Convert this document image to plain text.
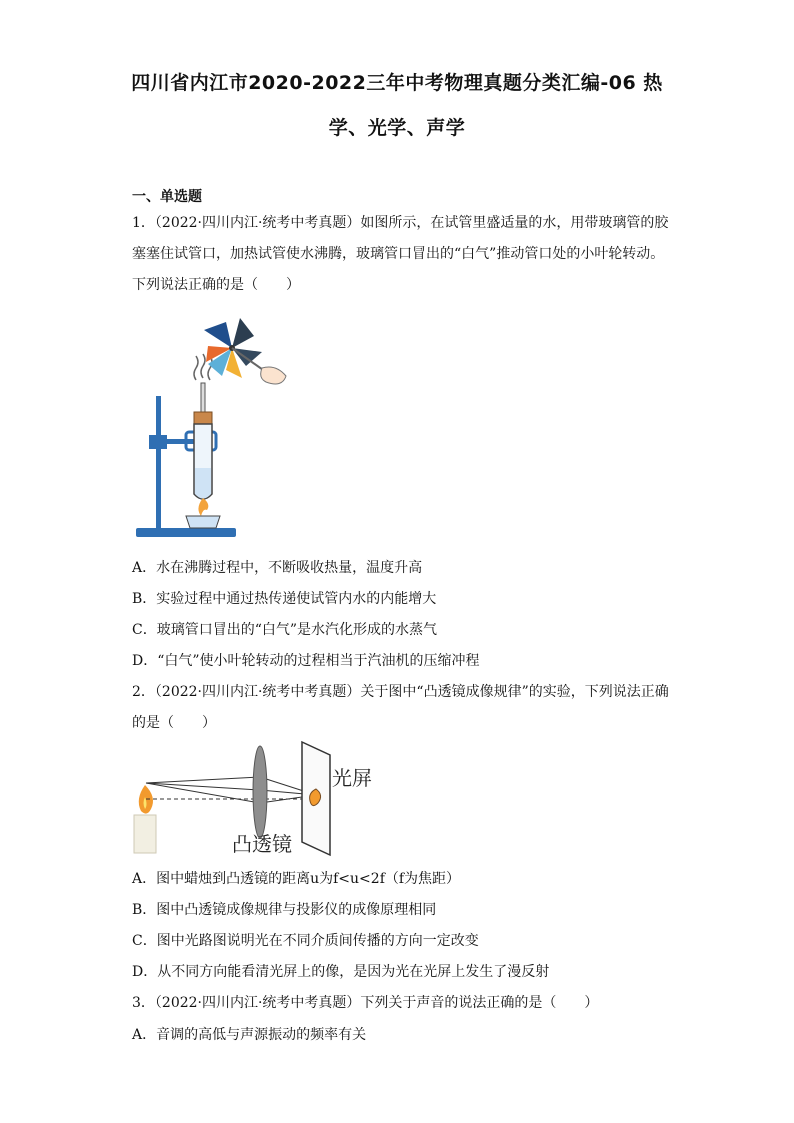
四川省内江市2020-2022三年中考物理真题分类汇编-06 热
学、光学、声学
一、单选题
1．（2022·四川内江·统考中考真题）如图所示，在试管里盛适量的水，用带玻璃管的胶
塞塞住试管口，加热试管使水沸腾，玻璃管口冒出的“白气”推动管口处的小叶轮转动。
下列说法正确的是（　　）
A．水在沸腾过程中，不断吸收热量，温度升高
B．实验过程中通过热传递使试管内水的内能增大
C．玻璃管口冒出的“白气”是水汽化形成的水蒸气
D．“白气”使小叶轮转动的过程相当于汽油机的压缩冲程
2．（2022·四川内江·统考中考真题）关于图中“凸透镜成像规律”的实验，下列说法正确
的是（　　）
光屏
凸透镜
A．图中蜡烛到凸透镜的距离u为f<u<2f（f为焦距）
B．图中凸透镜成像规律与投影仪的成像原理相同
C．图中光路图说明光在不同介质间传播的方向一定改变
D．从不同方向能看清光屏上的像，是因为光在光屏上发生了漫反射
3．（2022·四川内江·统考中考真题）下列关于声音的说法正确的是（　　）
A．音调的高低与声源振动的频率有关
